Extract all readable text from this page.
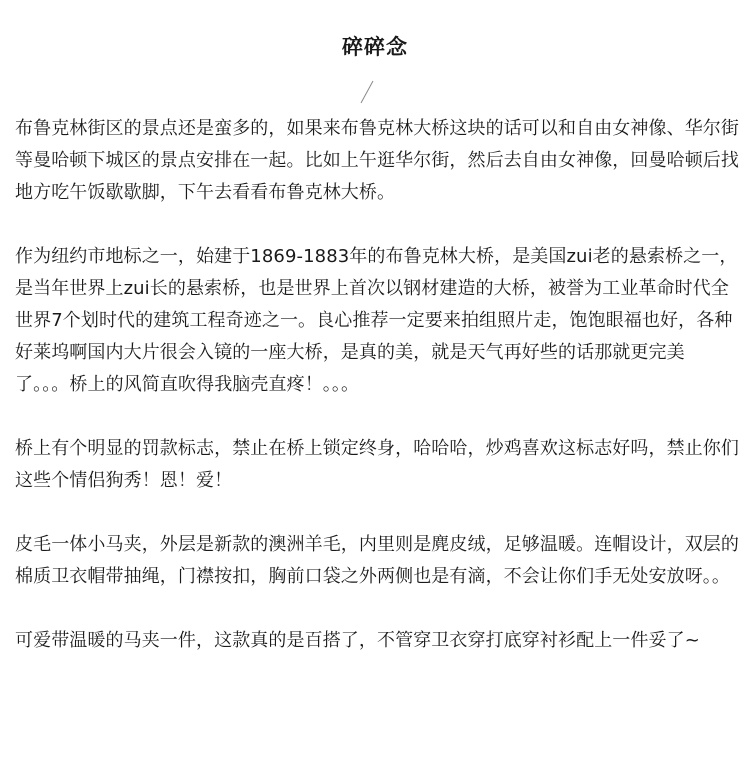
碎碎念

布鲁克林街区的景点还是蛮多的，如果来布鲁克林大桥这块的话可以和自由女神像、华尔街等曼哈顿下城区的景点安排在一起。比如上午逛华尔街，然后去自由女神像，回曼哈顿后找地方吃午饭歇歇脚，下午去看看布鲁克林大桥。

作为纽约市地标之一，始建于1869-1883年的布鲁克林大桥，是美国zui老的悬索桥之一，是当年世界上zui长的悬索桥，也是世界上首次以钢材建造的大桥，被誉为工业革命时代全世界7个划时代的建筑工程奇迹之一。良心推荐一定要来拍组照片走，饱饱眼福也好，各种好莱坞啊国内大片很会入镜的一座大桥，是真的美，就是天气再好些的话那就更完美了。。。桥上的风简直吹得我脑壳直疼！。。。

桥上有个明显的罚款标志，禁止在桥上锁定终身，哈哈哈，炒鸡喜欢这标志好吗，禁止你们这些个情侣狗秀！恩！爱！

皮毛一体小马夹，外层是新款的澳洲羊毛，内里则是麂皮绒，足够温暖。连帽设计，双层的棉质卫衣帽带抽绳，门襟按扣，胸前口袋之外两侧也是有滴，不会让你们手无处安放呀。。

可爱带温暖的马夹一件，这款真的是百搭了，不管穿卫衣穿打底穿衬衫配上一件妥了~
